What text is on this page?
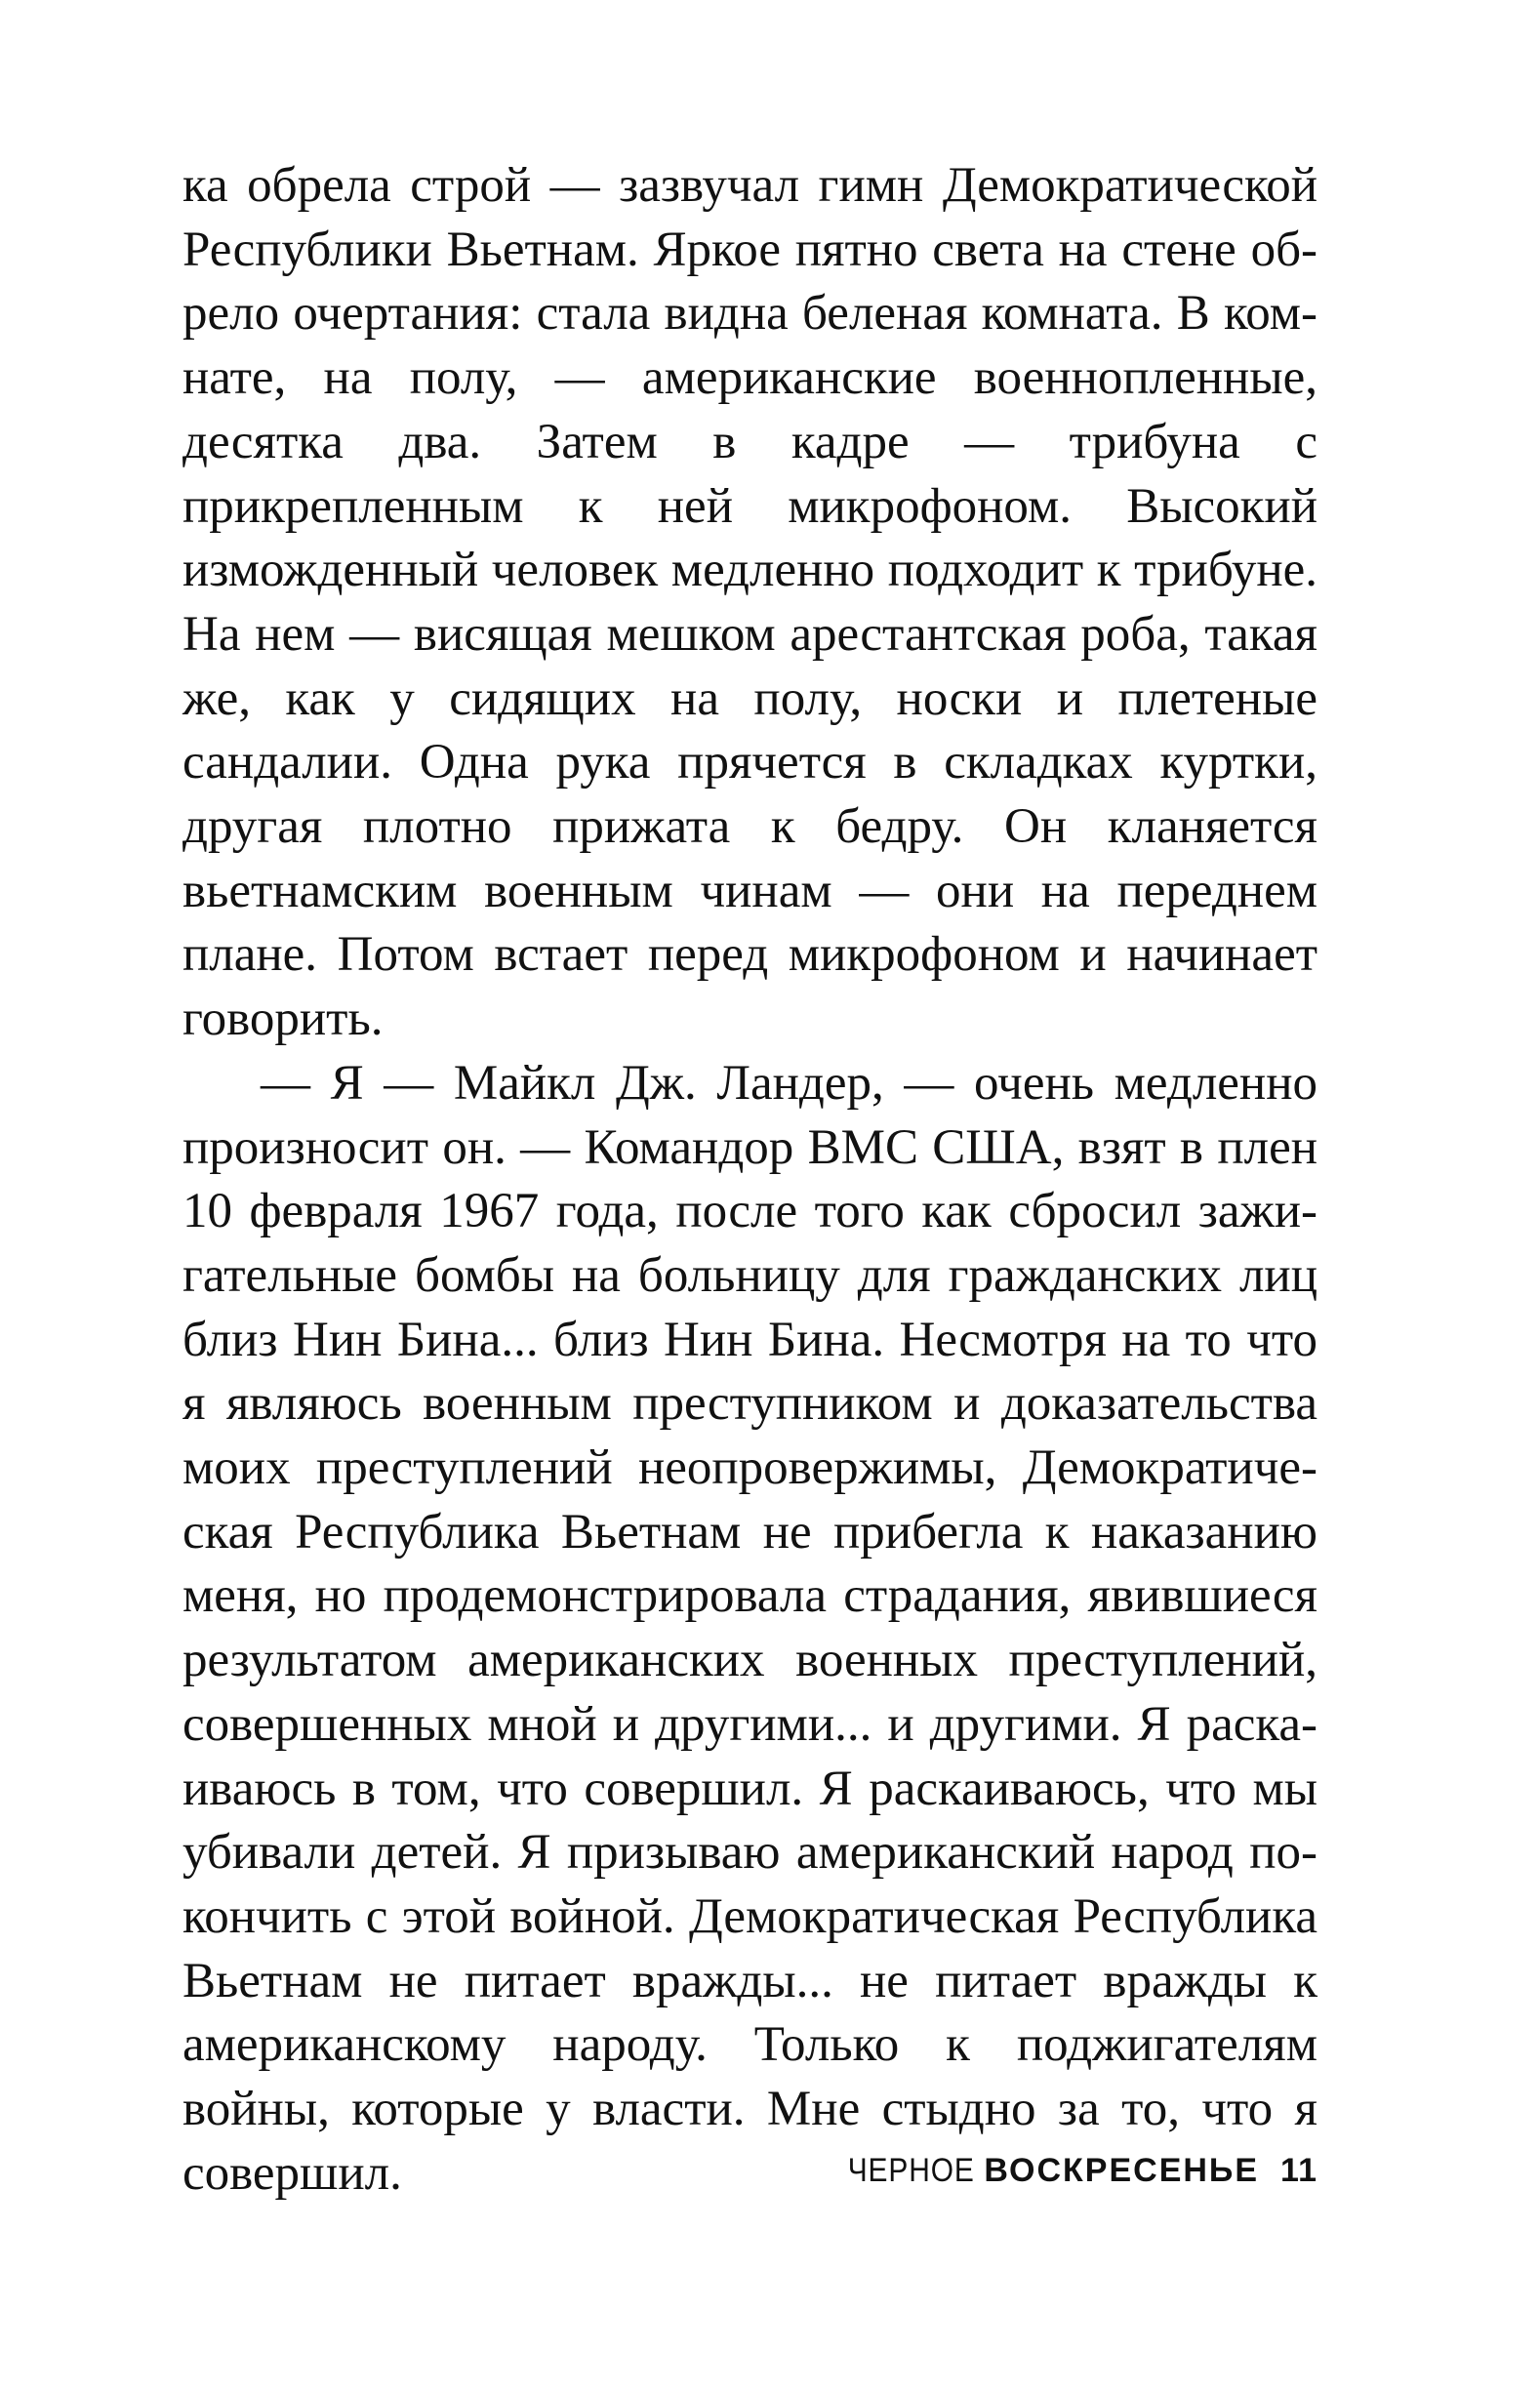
ка обрела строй — зазвучал гимн Демократической Республики Вьетнам. Яркое пятно света на стене обрело очертания: стала видна беленая комната. В комнате, на полу, — американские военнопленные, десятка два. Затем в кадре — трибуна с прикрепленным к ней микрофоном. Высокий изможденный человек медленно подходит к трибуне. На нем — висящая мешком арестантская роба, такая же, как у сидящих на полу, носки и плетеные сандалии. Одна рука прячется в складках куртки, другая плотно прижата к бедру. Он кланяется вьетнамским военным чинам — они на переднем плане. Потом встает перед микрофоном и начинает говорить.

— Я — Майкл Дж. Ландер, — очень медленно произносит он. — Командор ВМС США, взят в плен 10 февраля 1967 года, после того как сбросил зажигательные бомбы на больницу для гражданских лиц близ Нин Бина... близ Нин Бина. Несмотря на то что я являюсь военным преступником и доказательства моих преступлений неопровержимы, Демократическая Республика Вьетнам не прибегла к наказанию меня, но продемонстрировала страдания, явившиеся результатом американских военных преступлений, совершенных мной и другими... и другими. Я раскаиваюсь в том, что совершил. Я раскаиваюсь, что мы убивали детей. Я призываю американский народ покончить с этой войной. Демократическая Республика Вьетнам не питает вражды... не питает вражды к американскому народу. Только к поджигателям войны, которые у власти. Мне стыдно за то, что я совершил.	ЧЕРНОЕ ВОСКРЕСЕНЬЕ 11
